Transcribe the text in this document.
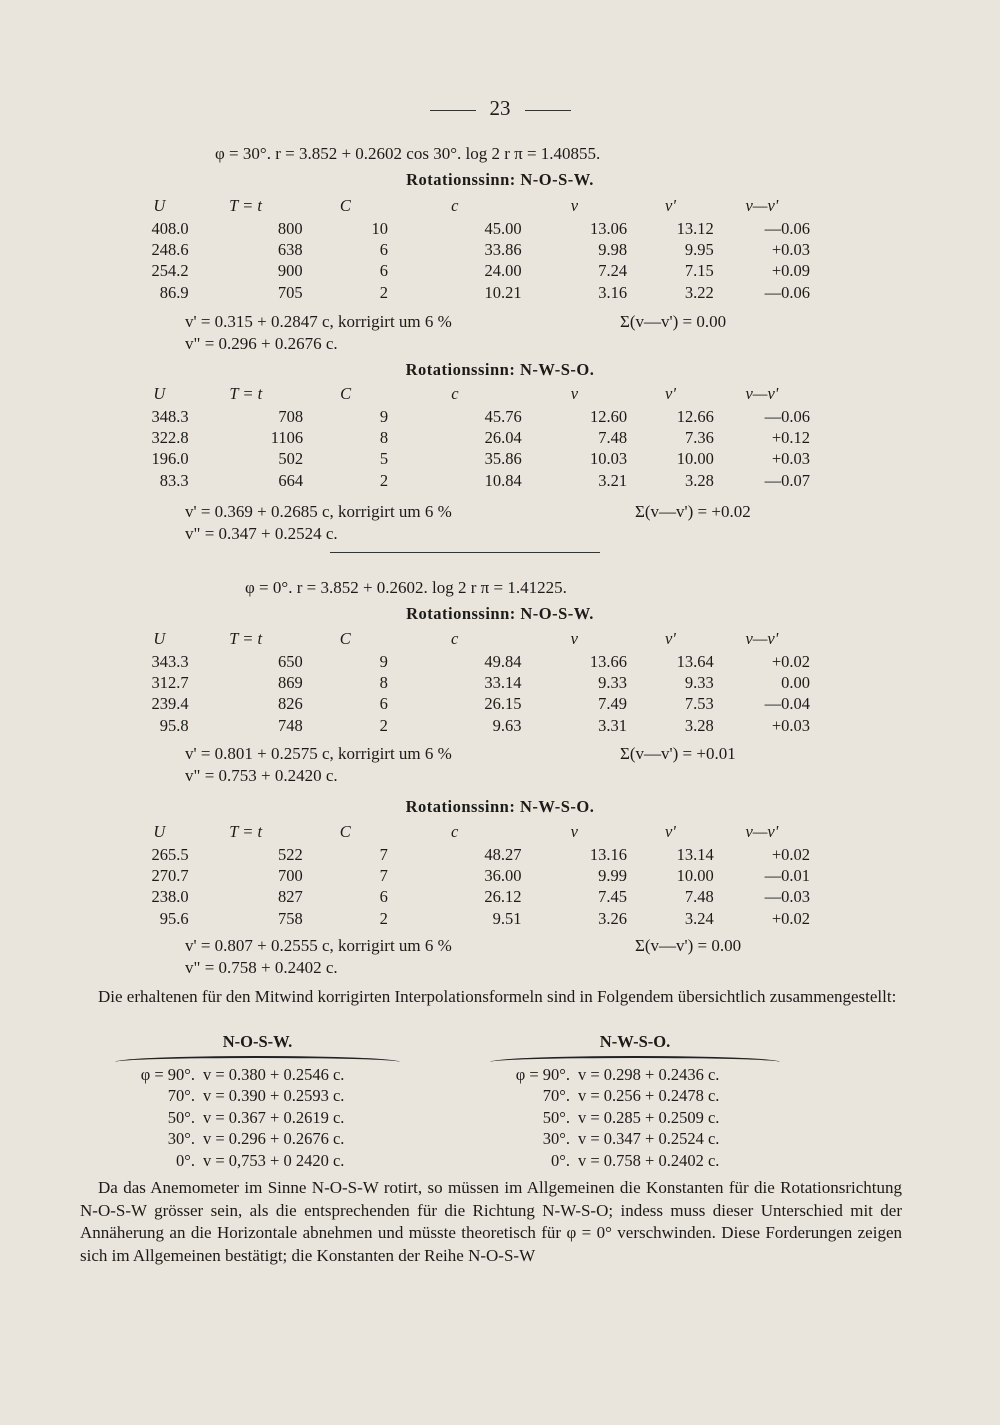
23
φ = 30°. r = 3.852 + 0.2602 cos 30°. log 2 r π = 1.40855.
Rotationssinn: N-O-S-W.
U	T = t	C	c	v	v'	v—v'
408.0	800	10	45.00	13.06	13.12	—0.06
248.6	638	6	33.86	9.98	9.95	+0.03
254.2	900	6	24.00	7.24	7.15	+0.09
86.9	705	2	10.21	3.16	3.22	—0.06
v' = 0.315 + 0.2847 c, korrigirt um 6 %	Σ(v—v') = 0.00
v" = 0.296 + 0.2676 c.
Rotationssinn: N-W-S-O.
U	T = t	C	c	v	v'	v—v'
348.3	708	9	45.76	12.60	12.66	—0.06
322.8	1106	8	26.04	7.48	7.36	+0.12
196.0	502	5	35.86	10.03	10.00	+0.03
83.3	664	2	10.84	3.21	3.28	—0.07
v' = 0.369 + 0.2685 c, korrigirt um 6 %	Σ(v—v') = +0.02
v" = 0.347 + 0.2524 c.
φ = 0°. r = 3.852 + 0.2602. log 2 r π = 1.41225.
Rotationssinn: N-O-S-W.
U	T = t	C	c	v	v'	v—v'
343.3	650	9	49.84	13.66	13.64	+0.02
312.7	869	8	33.14	9.33	9.33	0.00
239.4	826	6	26.15	7.49	7.53	—0.04
95.8	748	2	9.63	3.31	3.28	+0.03
v' = 0.801 + 0.2575 c, korrigirt um 6 %	Σ(v—v') = +0.01
v" = 0.753 + 0.2420 c.
Rotationssinn: N-W-S-O.
U	T = t	C	c	v	v'	v—v'
265.5	522	7	48.27	13.16	13.14	+0.02
270.7	700	7	36.00	9.99	10.00	—0.01
238.0	827	6	26.12	7.45	7.48	—0.03
95.6	758	2	9.51	3.26	3.24	+0.02
v' = 0.807 + 0.2555 c, korrigirt um 6 %	Σ(v—v') = 0.00
v" = 0.758 + 0.2402 c.
Die erhaltenen für den Mitwind korrigirten Interpolationsformeln sind in Folgendem übersichtlich zusammengestellt:
N-O-S-W.
φ = 90°.	v = 0.380 + 0.2546 c.
70°.	v = 0.390 + 0.2593 c.
50°.	v = 0.367 + 0.2619 c.
30°.	v = 0.296 + 0.2676 c.
0°.	v = 0,753 + 0 2420 c.
N-W-S-O.
φ = 90°.	v = 0.298 + 0.2436 c.
70°.	v = 0.256 + 0.2478 c.
50°.	v = 0.285 + 0.2509 c.
30°.	v = 0.347 + 0.2524 c.
0°.	v = 0.758 + 0.2402 c.
Da das Anemometer im Sinne N-O-S-W rotirt, so müssen im Allgemeinen die Konstanten für die Rotationsrichtung N-O-S-W grösser sein, als die entsprechenden für die Richtung N-W-S-O; indess muss dieser Unterschied mit der Annäherung an die Horizontale abnehmen und müsste theoretisch für φ = 0° verschwinden. Diese Forderungen zeigen sich im Allgemeinen bestätigt; die Konstanten der Reihe N-O-S-W
